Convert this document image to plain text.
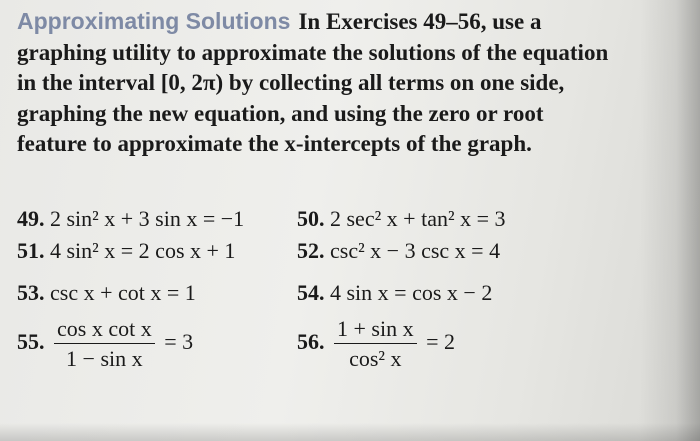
Approximating Solutions In Exercises 49–56, use a graphing utility to approximate the solutions of the equation in the interval [0, 2π) by collecting all terms on one side, graphing the new equation, and using the zero or root feature to approximate the x-intercepts of the graph.
49. 2 sin² x + 3 sin x = −1 50. 2 sec² x + tan² x = 3
51. 4 sin² x = 2 cos x + 1	52. csc² x − 3 csc x = 4
53. csc x + cot x = 1	54. 4 sin x = cos x − 2
55. $\frac{\text{cos x cot x}}{\text{1 − sin x}} = 3$	56. $\frac{\text{1 + sin x}}{\text{cos² x}} = 2$
